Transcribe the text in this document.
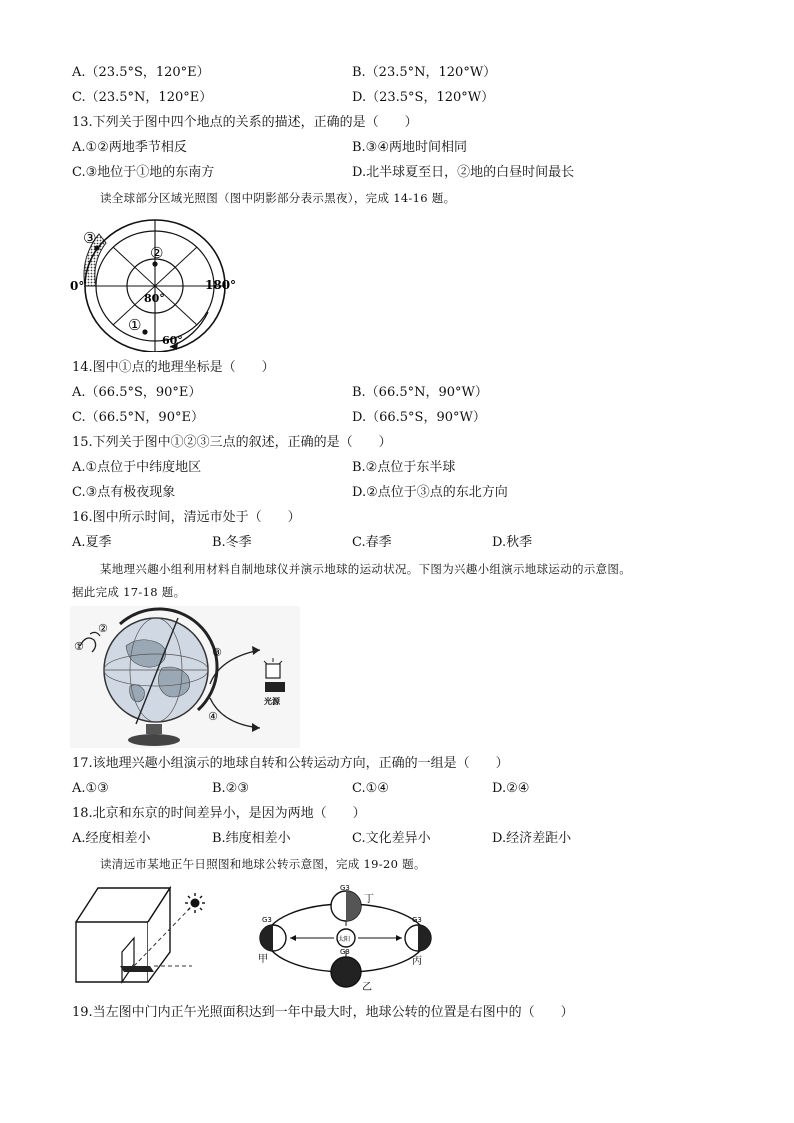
A.（23.5°S，120°E）	B.（23.5°N，120°W）
C.（23.5°N，120°E）	D.（23.5°S，120°W）
13.下列关于图中四个地点的关系的描述，正确的是（　　）
A.①②两地季节相反	B.③④两地时间相同
C.③地位于①地的东南方	D.北半球夏至日，②地的白昼时间最长
读全球部分区域光照图（图中阴影部分表示黑夜），完成 14-16 题。
②
①
③
0°	180°
80°
60°
14.图中①点的地理坐标是（　　）
A.（66.5°S，90°E）	B.（66.5°N，90°W）
C.（66.5°N，90°E）	D.（66.5°S，90°W）
15.下列关于图中①②③三点的叙述，正确的是（　　）
A.①点位于中纬度地区	B.②点位于东半球
C.③点有极夜现象	D.②点位于③点的东北方向
16.图中所示时间，清远市处于（　　）
A.夏季	B.冬季	C.春季	D.秋季
某地理兴趣小组利用材料自制地球仪并演示地球的运动状况。下图为兴趣小组演示地球运动的示意图。
据此完成 17-18 题。
①
②
③
④
光源
17.该地理兴趣小组演示的地球自转和公转运动方向，正确的一组是（　　）
A.①③	B.②③	C.①④	D.②④
18.北京和东京的时间差异小，是因为两地（　　）
A.经度相差小	B.纬度相差小	C.文化差异小	D.经济差距小
读清远市某地正午日照图和地球公转示意图，完成 19-20 题。
太阳
G3
G3	G3
G3
丁
甲	丙
乙
19.当左图中门内正午光照面积达到一年中最大时，地球公转的位置是右图中的（　　）
